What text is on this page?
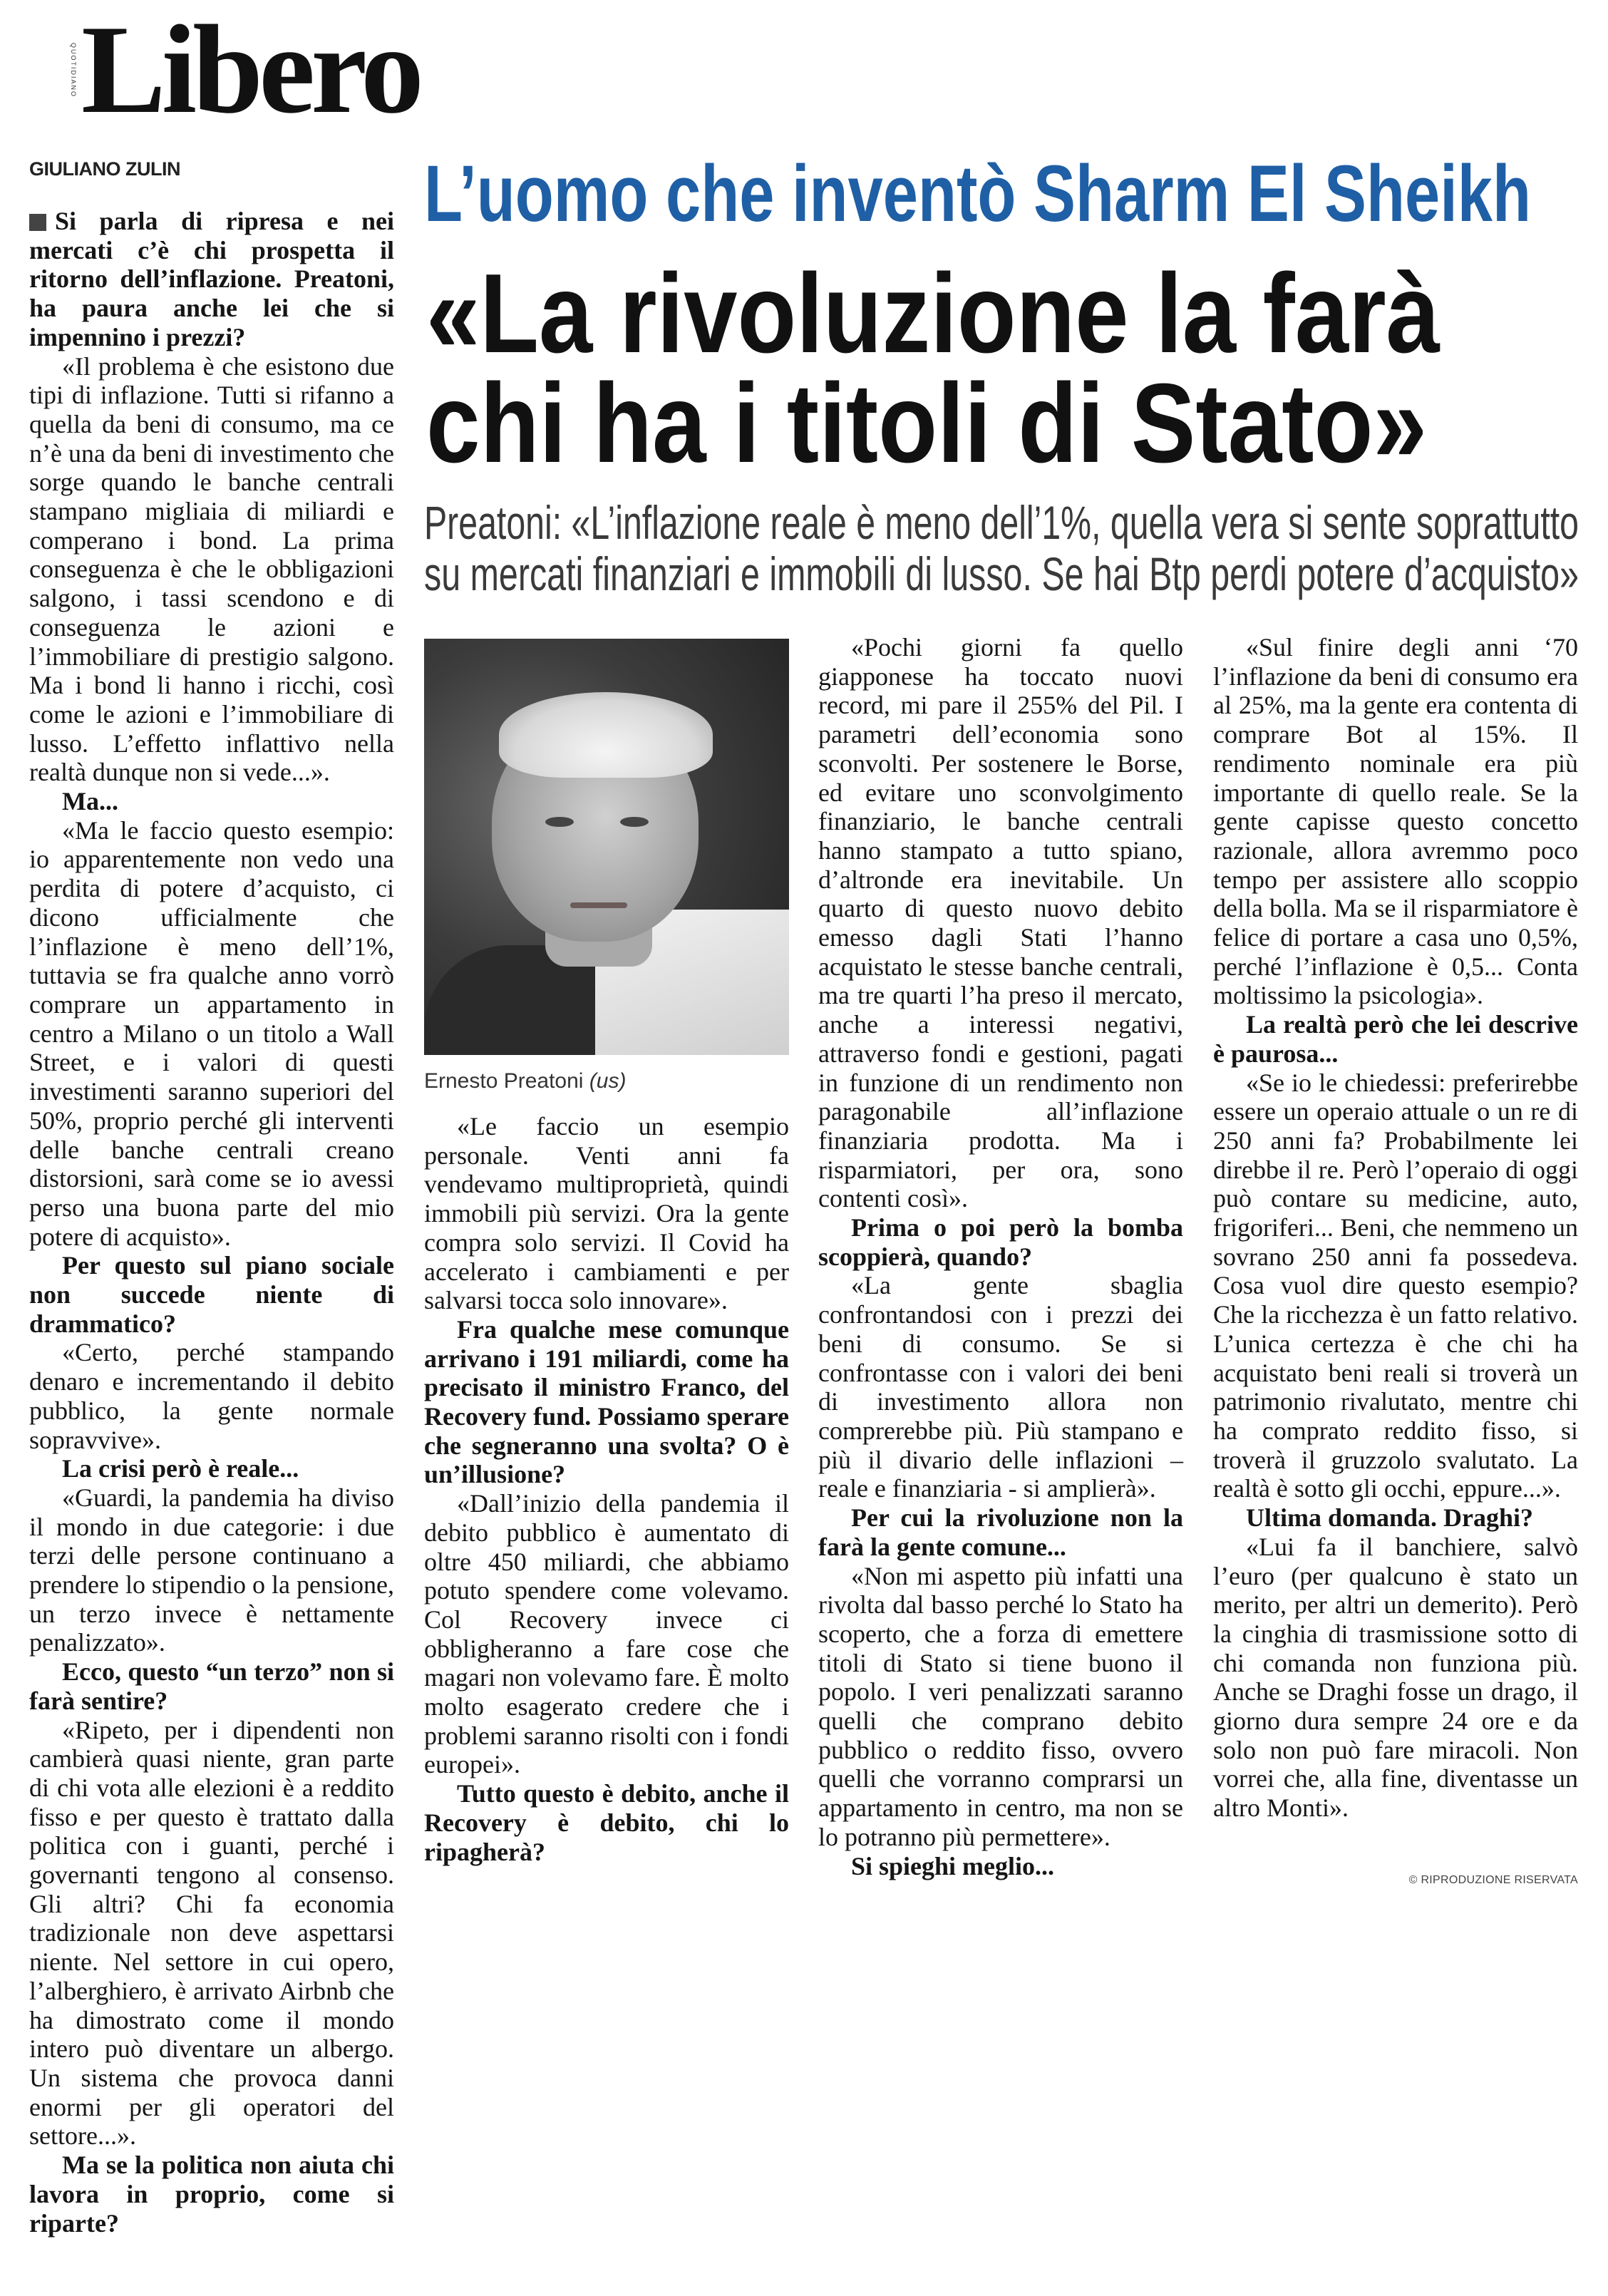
QUOTIDIANO Libero
GIULIANO ZULIN	L’uomo che inventò Sharm El Sheikh
«La rivoluzione la farà
chi ha i titoli di Stato»
Preatoni: «L’inflazione reale è meno dell’1%, quella vera si sente soprattutto
su mercati finanziari e immobili di lusso. Se hai Btp perdi potere d’acquisto»
Ernesto Preatoni (us)

Si parla di ripresa e nei mercati c’è chi prospetta il ritorno dell’inflazione. Preatoni, ha paura anche lei che si impennino i prezzi?

«Il problema è che esistono due tipi di inflazione. Tutti si rifanno a quella da beni di consumo, ma ce n’è una da beni di investimento che sorge quando le banche centrali stampano migliaia di miliardi e comperano i bond. La prima conseguenza è che le obbligazioni salgono, i tassi scendono e di conseguenza le azioni e l’immobiliare di prestigio salgono. Ma i bond li hanno i ricchi, così come le azioni e l’immobiliare di lusso. L’effetto inflattivo nella realtà dunque non si vede...».

Ma...

«Ma le faccio questo esempio: io apparentemente non vedo una perdita di potere d’acquisto, ci dicono ufficialmente che l’inflazione è meno dell’1%, tuttavia se fra qualche anno vorrò comprare un appartamento in centro a Milano o un titolo a Wall Street, e i valori di questi investimenti saranno superiori del 50%, proprio perché gli interventi delle banche centrali creano distorsioni, sarà come se io avessi perso una buona parte del mio potere di acquisto».

Per questo sul piano sociale non succede niente di drammatico?

«Certo, perché stampando denaro e incrementando il debito pubblico, la gente normale sopravvive».

La crisi però è reale...

«Guardi, la pandemia ha diviso il mondo in due categorie: i due terzi delle persone continuano a prendere lo stipendio o la pensione, un terzo invece è nettamente penalizzato».

Ecco, questo “un terzo” non si farà sentire?

«Ripeto, per i dipendenti non cambierà quasi niente, gran parte di chi vota alle elezioni è a reddito fisso e per questo è trattato dalla politica con i guanti, perché i governanti tengono al consenso. Gli altri? Chi fa economia tradizionale non deve aspettarsi niente. Nel settore in cui opero, l’alberghiero, è arrivato Airbnb che ha dimostrato come il mondo intero può diventare un albergo. Un sistema che provoca danni enormi per gli operatori del settore...».

Ma se la politica non aiuta chi lavora in proprio, come si riparte?

«Le faccio un esempio personale. Venti anni fa vendevamo multiproprietà, quindi immobili più servizi. Ora la gente compra solo servizi. Il Covid ha accelerato i cambiamenti e per salvarsi tocca solo innovare».

Fra qualche mese comunque arrivano i 191 miliardi, come ha precisato il ministro Franco, del Recovery fund. Possiamo sperare che segneranno una svolta? O è un’illusione?

«Dall’inizio della pandemia il debito pubblico è aumentato di oltre 450 miliardi, che abbiamo potuto spendere come volevamo. Col Recovery invece ci obbligheranno a fare cose che magari non volevamo fare. È molto molto esagerato credere che i problemi saranno risolti con i fondi europei».

Tutto questo è debito, anche il Recovery è debito, chi lo ripagherà?

«Pochi giorni fa quello giapponese ha toccato nuovi record, mi pare il 255% del Pil. I parametri dell’economia sono sconvolti. Per sostenere le Borse, ed evitare uno sconvolgimento finanziario, le banche centrali hanno stampato a tutto spiano, d’altronde era inevitabile. Un quarto di questo nuovo debito emesso dagli Stati l’hanno acquistato le stesse banche centrali, ma tre quarti l’ha preso il mercato, anche a interessi negativi, attraverso fondi e gestioni, pagati in funzione di un rendimento non paragonabile all’inflazione finanziaria prodotta. Ma i risparmiatori, per ora, sono contenti così».

Prima o poi però la bomba scoppierà, quando?

«La gente sbaglia confrontandosi con i prezzi dei beni di consumo. Se si confrontasse con i valori dei beni di investimento allora non comprerebbe più. Più stampano e più il divario delle inflazioni – reale e finanziaria - si amplierà».

Per cui la rivoluzione non la farà la gente comune...

«Non mi aspetto più infatti una rivolta dal basso perché lo Stato ha scoperto, che a forza di emettere titoli di Stato si tiene buono il popolo. I veri penalizzati saranno quelli che comprano debito pubblico o reddito fisso, ovvero quelli che vorranno comprarsi un appartamento in centro, ma non se lo potranno più permettere».

Si spieghi meglio...

«Sul finire degli anni ‘70 l’inflazione da beni di consumo era al 25%, ma la gente era contenta di comprare Bot al 15%. Il rendimento nominale era più importante di quello reale. Se la gente capisse questo concetto razionale, allora avremmo poco tempo per assistere allo scoppio della bolla. Ma se il risparmiatore è felice di portare a casa uno 0,5%, perché l’inflazione è 0,5... Conta moltissimo la psicologia».

La realtà però che lei descrive è paurosa...

«Se io le chiedessi: preferirebbe essere un operaio attuale o un re di 250 anni fa? Probabilmente lei direbbe il re. Però l’operaio di oggi può contare su medicine, auto, frigoriferi... Beni, che nemmeno un sovrano 250 anni fa possedeva. Cosa vuol dire questo esempio? Che la ricchezza è un fatto relativo. L’unica certezza è che chi ha acquistato beni reali si troverà un patrimonio rivalutato, mentre chi ha comprato reddito fisso, si troverà il gruzzolo svalutato. La realtà è sotto gli occhi, eppure...».

Ultima domanda. Draghi?

«Lui fa il banchiere, salvò l’euro (per qualcuno è stato un merito, per altri un demerito). Però la cinghia di trasmissione sotto di chi comanda non funziona più. Anche se Draghi fosse un drago, il giorno dura sempre 24 ore e da solo non può fare miracoli. Non vorrei che, alla fine, diventasse un altro Monti».

© RIPRODUZIONE RISERVATA
